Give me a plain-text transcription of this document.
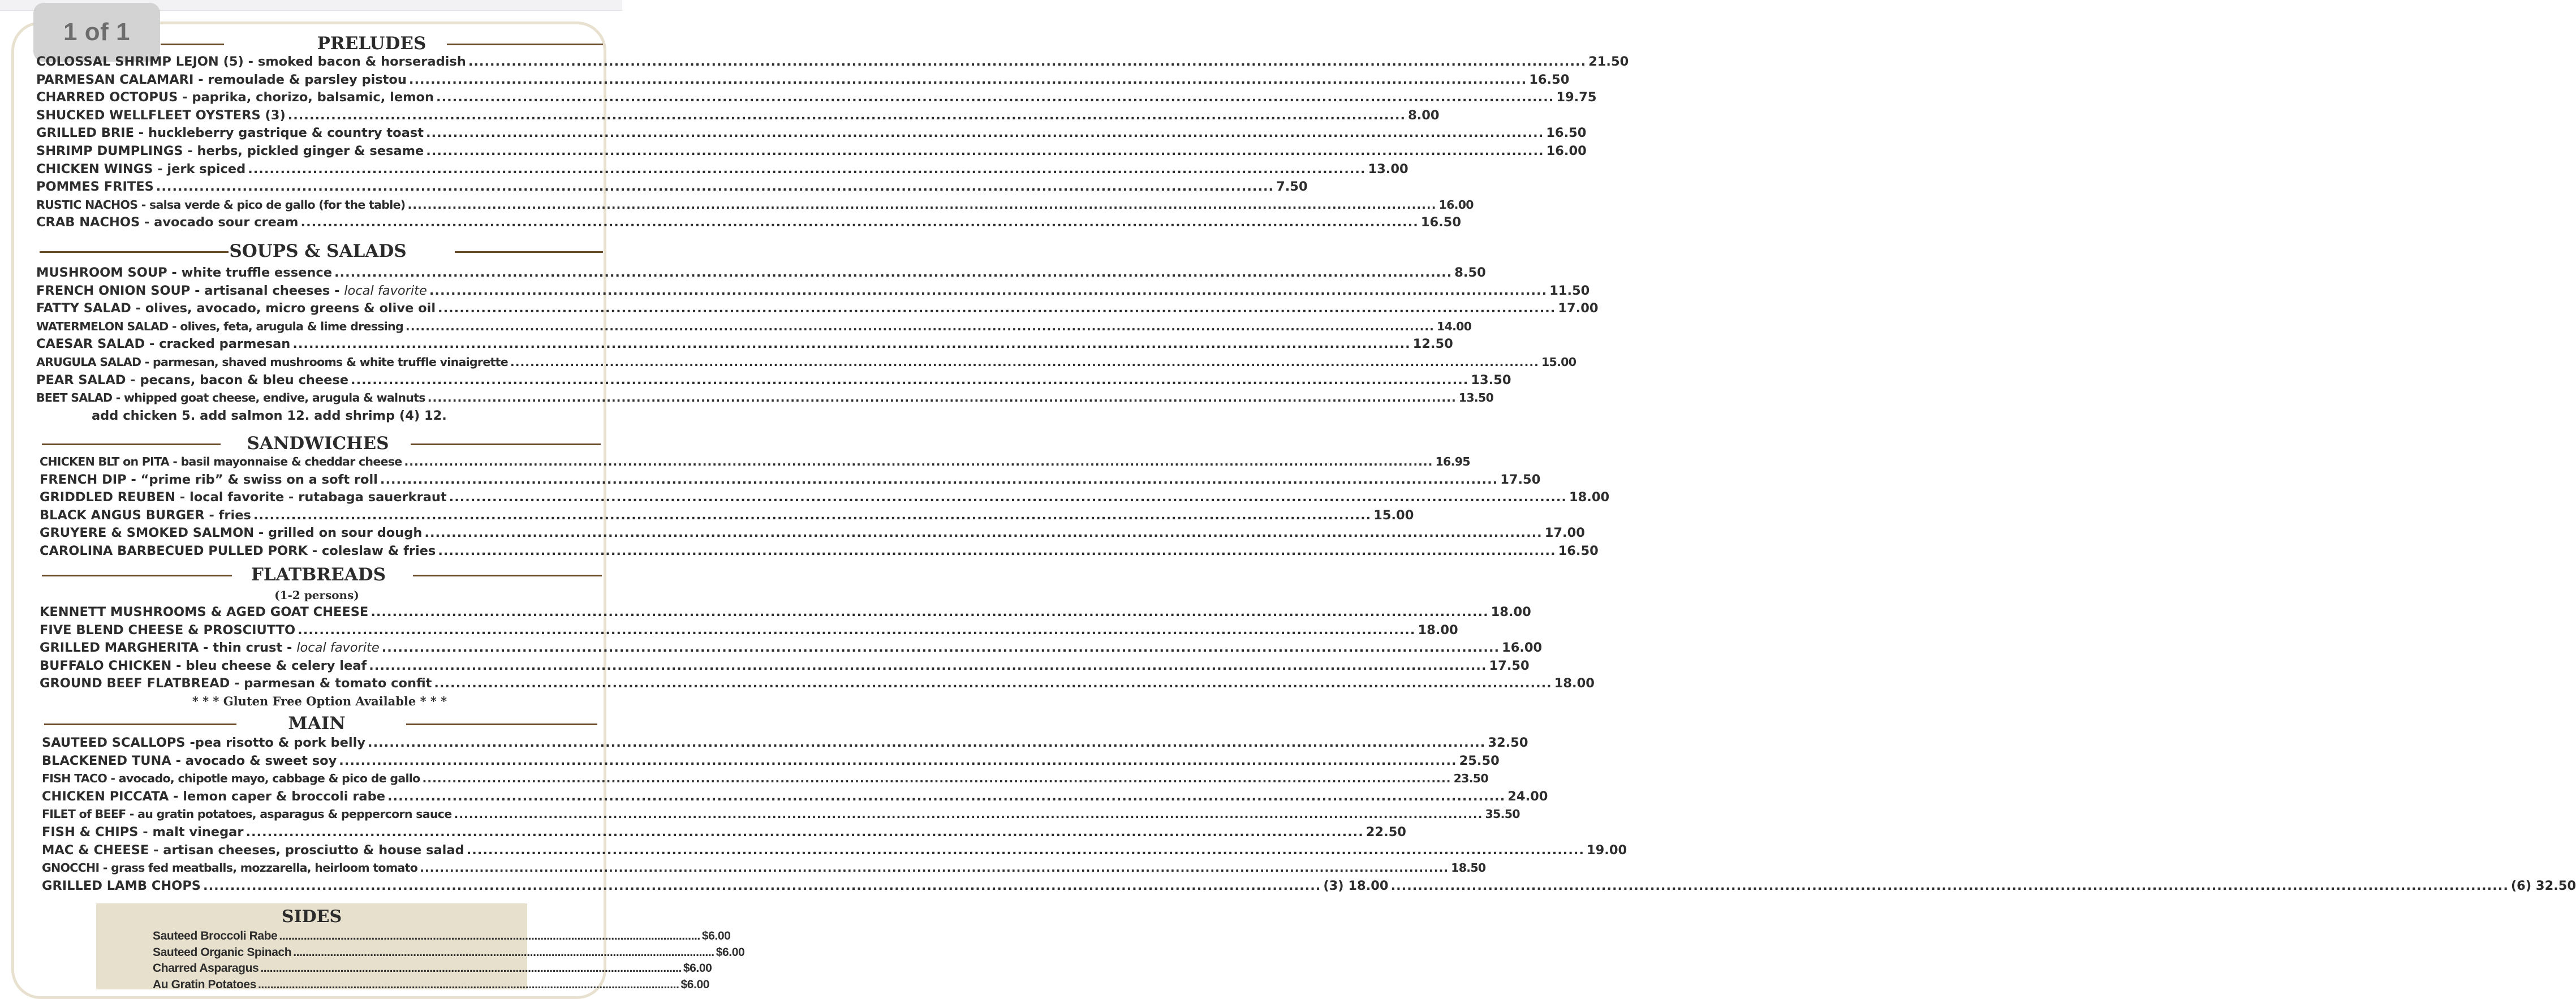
1 of 1	PRELUDES
COLOSSAL SHRIMP LEJON (5) - smoked bacon & horseradish .....	21.50
PARMESAN CALAMARI - remoulade & parsley pistou .....	16.50
CHARRED OCTOPUS - paprika, chorizo, balsamic, lemon .....	19.75
SHUCKED WELLFLEET OYSTERS (3) .....	8.00
GRILLED BRIE - huckleberry gastrique & country toast .....	16.50
SHRIMP DUMPLINGS - herbs, pickled ginger & sesame .....	16.00
CHICKEN WINGS - jerk spiced .....	13.00
POMMES FRITES .....	7.50
RUSTIC NACHOS - salsa verde & pico de gallo (for the table) .....	16.00
CRAB NACHOS - avocado sour cream .....	16.50
SOUPS & SALADS
MUSHROOM SOUP - white truffle essence .....	8.50
FRENCH ONION SOUP - artisanal cheeses - local favorite .....	11.50
FATTY SALAD - olives, avocado, micro greens & olive oil .....	17.00
WATERMELON SALAD - olives, feta, arugula & lime dressing .....	14.00
CAESAR SALAD - cracked parmesan .....	12.50
ARUGULA SALAD - parmesan, shaved mushrooms & white truffle vinaigrette .....	15.00
PEAR SALAD - pecans, bacon & bleu cheese .....	13.50
BEET SALAD - whipped goat cheese, endive, arugula & walnuts .....	13.50
add chicken 5. add salmon 12. add shrimp (4) 12.
SANDWICHES
CHICKEN BLT on PITA - basil mayonnaise & cheddar cheese .....	16.95
FRENCH DIP - “prime rib” & swiss on a soft roll .....	17.50
GRIDDLED REUBEN - local favorite - rutabaga sauerkraut .....	18.00
BLACK ANGUS BURGER - fries .....	15.00
GRUYERE & SMOKED SALMON - grilled on sour dough .....	17.00
CAROLINA BARBECUED PULLED PORK - coleslaw & fries .....	16.50
FLATBREADS
(1-2 persons)
KENNETT MUSHROOMS & AGED GOAT CHEESE .....	18.00
FIVE BLEND CHEESE & PROSCIUTTO .....	18.00
GRILLED MARGHERITA - thin crust - local favorite .....	16.00
BUFFALO CHICKEN - bleu cheese & celery leaf .....	17.50
GROUND BEEF FLATBREAD - parmesan & tomato confit .....	18.00
* * * Gluten Free Option Available * * *
MAIN
SAUTEED SCALLOPS -pea risotto & pork belly .....	32.50
BLACKENED TUNA - avocado & sweet soy .....	25.50
FISH TACO - avocado, chipotle mayo, cabbage & pico de gallo .....	23.50
CHICKEN PICCATA - lemon caper & broccoli rabe .....	24.00
FILET of BEEF - au gratin potatoes, asparagus & peppercorn sauce .....	35.50
FISH & CHIPS - malt vinegar .....	22.50
MAC & CHEESE - artisan cheeses, prosciutto & house salad .....	19.00
GNOCCHI - grass fed meatballs, mozzarella, heirloom tomato .....	18.50
GRILLED LAMB CHOPS .....	(3) 18.00 .....	(6) 32.50
SIDES
Sauteed Broccoli Rabe .....	$6.00
Sauteed Organic Spinach .....	$6.00
Charred Asparagus .....	$6.00
Au Gratin Potatoes .....	$6.00
